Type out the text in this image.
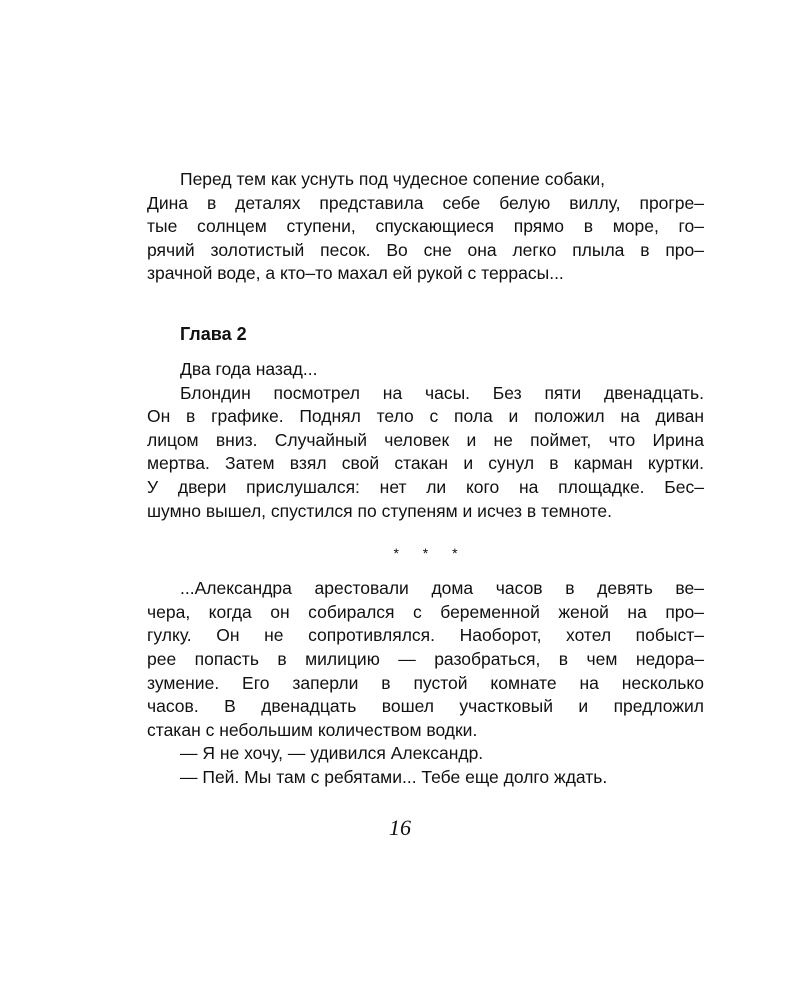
Перед тем как уснуть под чудесное сопение собаки,
Дина в деталях представила себе белую виллу, прогре–
тые солнцем ступени, спускающиеся прямо в море, го–
рячий золотистый песок. Во сне она легко плыла в про–
зрачной воде, а кто–то махал ей рукой с террасы...

Глава 2

Два года назад...

Блондин посмотрел на часы. Без пяти двенадцать.
Он в графике. Поднял тело с пола и положил на диван
лицом вниз. Случайный человек и не поймет, что Ирина
мертва. Затем взял свой стакан и сунул в карман куртки.
У двери прислушался: нет ли кого на площадке. Бес–
шумно вышел, спустился по ступеням и исчез в темноте.

* * *

...Александра арестовали дома часов в девять ве–
чера, когда он собирался с беременной женой на про–
гулку. Он не сопротивлялся. Наоборот, хотел побыст–
рее попасть в милицию — разобраться, в чем недора–
зумение. Его заперли в пустой комнате на несколько
часов. В двенадцать вошел участковый и предложил
стакан с небольшим количеством водки.

— Я не хочу, — удивился Александр.
— Пей. Мы там с ребятами... Тебе еще долго ждать.

16
